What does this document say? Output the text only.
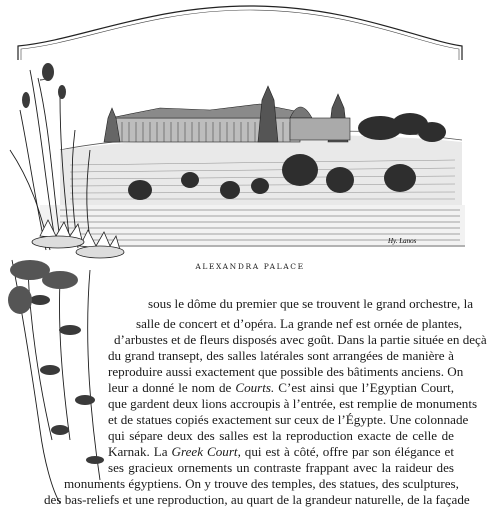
Hy. Lanos
ALEXANDRA PALACE
sous le dôme du premier que se trouvent le grand orchestre, la
salle de concert et d’opéra. La grande nef est ornée de plantes,
d’arbustes et de fleurs disposés avec goût. Dans la partie située en deçà
du grand transept, des salles latérales sont arrangées de manière à
reproduire aussi exactement que possible des bâtiments anciens. On
leur a donné le nom de Courts. C’est ainsi que l’Egyptian Court,
que gardent deux lions accroupis à l’entrée, est remplie de monuments
et de statues copiés exactement sur ceux de l’Égypte. Une colonnade
qui sépare deux des salles est la reproduction exacte de celle de
Karnak. La Greek Court, qui est à côté, offre par son élégance et
ses gracieux ornements un contraste frappant avec la raideur des
monuments égyptiens. On y trouve des temples, des statues, des sculptures,
des bas-reliefs et une reproduction, au quart de la grandeur naturelle, de la façade
